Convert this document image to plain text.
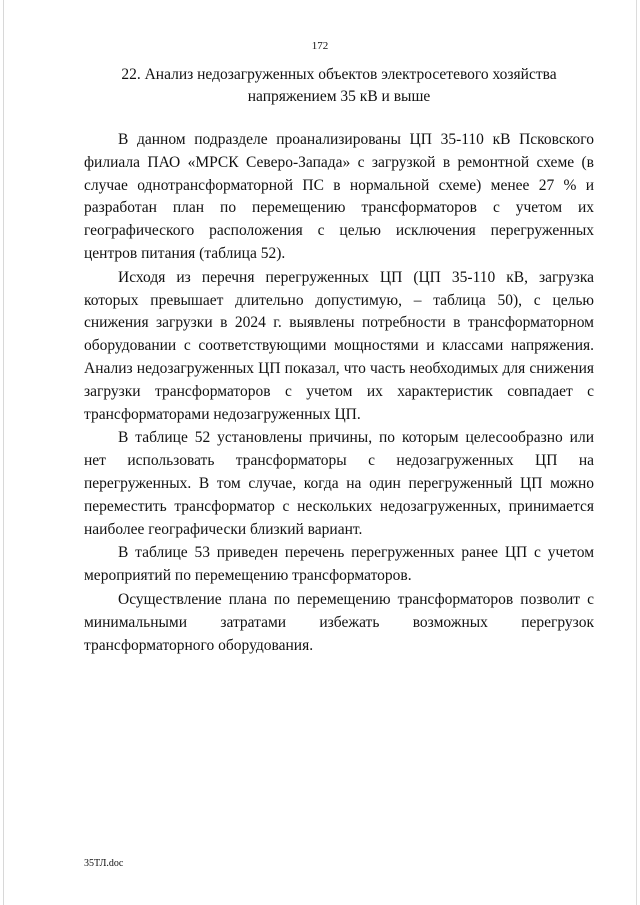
172
22. Анализ недозагруженных объектов электросетевого хозяйства
напряжением 35 кВ и выше

В данном подразделе проанализированы ЦП 35-110 кВ Псковского филиала ПАО «МРСК Северо-Запада» с загрузкой в ремонтной схеме (в случае однотрансформаторной ПС в нормальной схеме) менее 27 % и разработан план по перемещению трансформаторов с учетом их географического расположения с целью исключения перегруженных центров питания (таблица 52).

Исходя из перечня перегруженных ЦП (ЦП 35-110 кВ, загрузка которых превышает длительно допустимую, – таблица 50), с целью снижения загрузки в 2024 г. выявлены потребности в трансформаторном оборудовании с соответствующими мощностями и классами напряжения. Анализ недозагруженных ЦП показал, что часть необходимых для снижения загрузки трансформаторов с учетом их характеристик совпадает с трансформаторами недозагруженных ЦП.

В таблице 52 установлены причины, по которым целесообразно или нет использовать трансформаторы с недозагруженных ЦП на перегруженных. В том случае, когда на один перегруженный ЦП можно переместить трансформатор с нескольких недозагруженных, принимается наиболее географически близкий вариант.

В таблице 53 приведен перечень перегруженных ранее ЦП с учетом мероприятий по перемещению трансформаторов.

Осуществление плана по перемещению трансформаторов позволит с минимальными затратами избежать возможных перегрузок трансформаторного оборудования.

35ТЛ.doc
